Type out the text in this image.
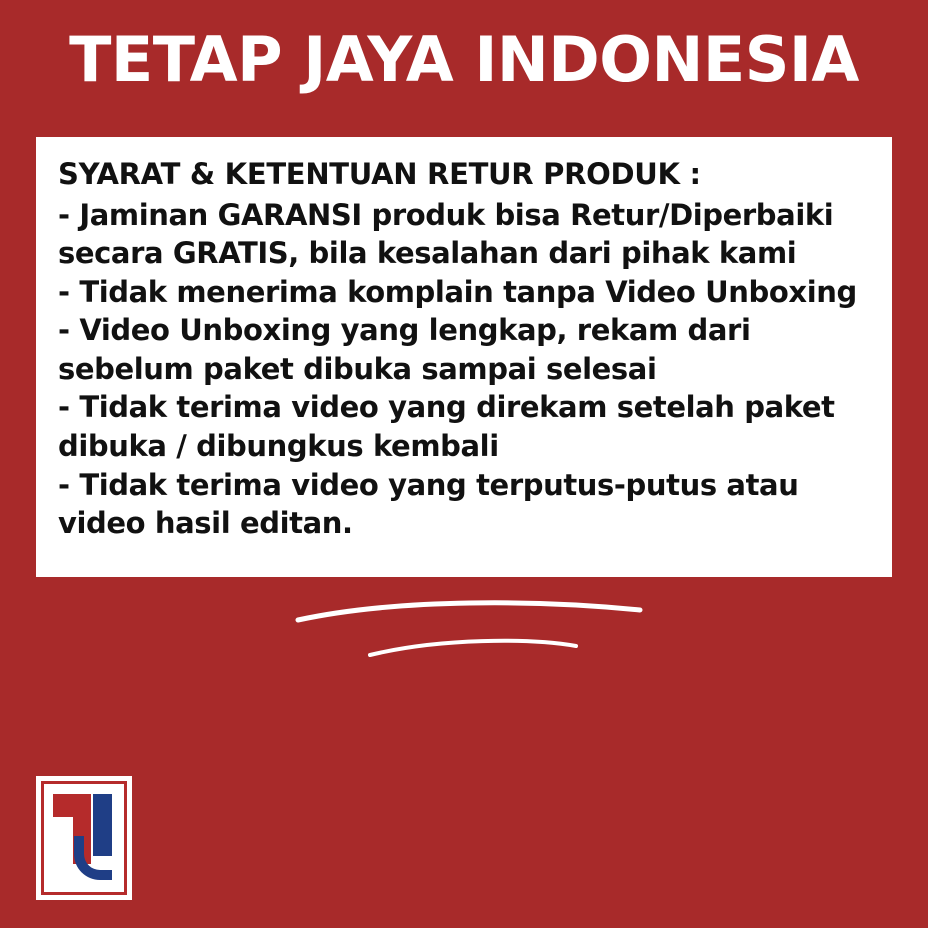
TETAP JAYA INDONESIA

SYARAT & KETENTUAN RETUR PRODUK :

- Jaminan GARANSI produk bisa Retur/Diperbaiki

secara GRATIS, bila kesalahan dari pihak kami

- Tidak menerima komplain tanpa Video Unboxing

- Video Unboxing yang lengkap, rekam dari

sebelum paket dibuka sampai selesai

- Tidak terima video yang direkam setelah paket

dibuka / dibungkus kembali

- Tidak terima video yang terputus-putus atau

video hasil editan.
